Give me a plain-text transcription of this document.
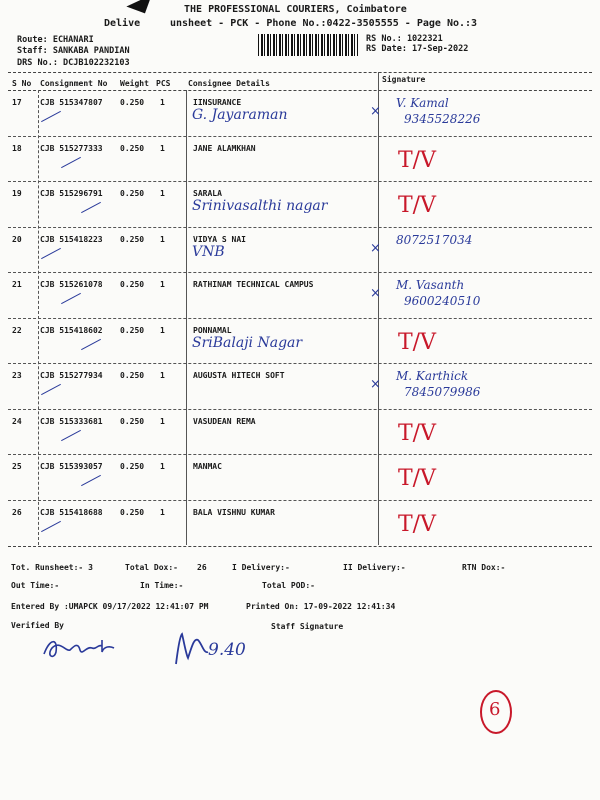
THE PROFESSIONAL COURIERS, Coimbatore
Delive	unsheet - PCK - Phone No.:0422-3505555 - Page No.:3
Route: ECHANARI
Staff: SANKABA PANDIAN
DRS No.: DCJB102232103
RS No.: 1022321
RS Date: 17-Sep-2022
S No Consignment No Weight PCS Consignee Details	Signature
17 CJB 515347807 0.250 1	IINSURANCE
G. Jayaraman	×
V. Kamal
9345528226
18 CJB 515277333 0.250 1	JANE ALAMKHAN	T/V
19 CJB 515296791 0.250 1	SARALA
Srinivasalthi nagar	T/V
20 CJB 515418223 0.250 1	VIDYA S NAI
VNB	×
8072517034
21 CJB 515261078 0.250 1	RATHINAM TECHNICAL CAMPUS
×
M. Vasanth
9600240510
22 CJB 515418602 0.250 1	PONNAMAL
SriBalaji Nagar	T/V
23 CJB 515277934 0.250 1	AUGUSTA HITECH SOFT
×
M. Karthick
7845079986
24 CJB 515333681 0.250 1	VASUDEAN REMA	T/V
25 CJB 515393057 0.250 1	MANMAC	T/V
26 CJB 515418688 0.250 1	BALA VISHNU KUMAR	T/V
Tot. Runsheet:- 3	Total Dox:- 26	I Delivery:-	II Delivery:-	RTN Dox:-
Out Time:-	In Time:-	Total POD:-
Entered By :UMAPCK 09/17/2022 12:41:07 PM	Printed On: 17-09-2022 12:41:34
Verified By	Staff Signature
9.40
6
